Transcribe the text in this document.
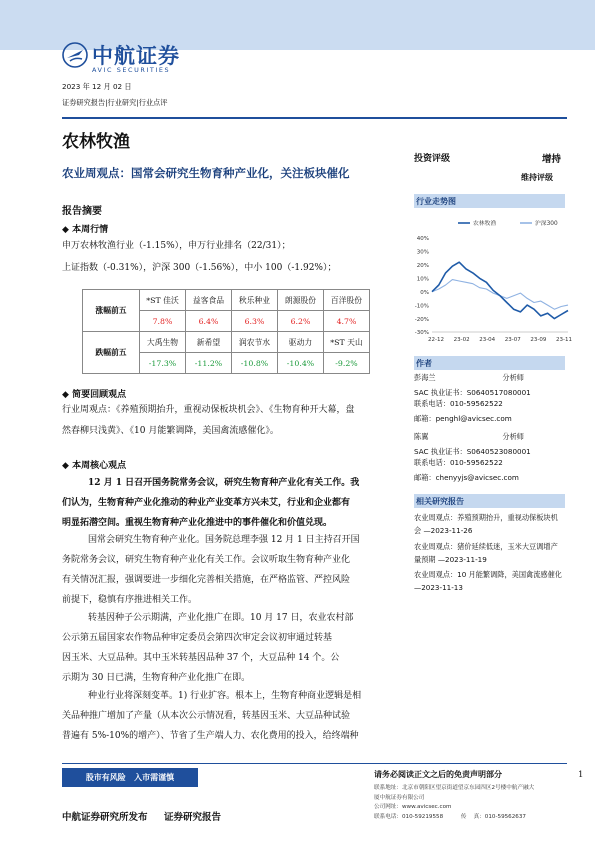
中航证券
AVIC SECURITIES
2023 年 12 月 02 日
证券研究报告|行业研究|行业点评
农林牧渔
农业周观点：国常会研究生物育种产业化，关注板块催化
报告摘要
投资评级	增持
维持评级
◆ 本周行情
申万农林牧渔行业（-1.15%），申万行业排名（22/31）；
上证指数（-0.31%），沪深 300（-1.56%），中小 100（-1.92%）；
涨幅前五	*ST 佳沃	益客食品	秋乐种业	朗源股份	百洋股份
	7.8%	6.4%	6.3%	6.2%	4.7%
跌幅前五	大禹生物	新希望	润农节水	驱动力	*ST 天山
	-17.3%	-11.2%	-10.8%	-10.4%	-9.2%
◆ 简要回顾观点
行业周观点：《养殖预期抬升，重视动保板块机会》、《生物育种开大幕，盘
然春柳只浅黄》、《10 月能繁调降，美国禽流感催化》。
◆ 本周核心观点
12 月 1 日召开国务院常务会议，研究生物育种产业化有关工作。我
们认为，生物育种产业化推动的种业产业变革方兴未艾，行业和企业都有
明显拓潜空间。重视生物育种产业化推进中的事件催化和价值兑现。
国常会研究生物育种产业化。国务院总理李强 12 月 1 日主持召开国
务院常务会议，研究生物育种产业化有关工作。会议听取生物育种产业化
有关情况汇报，强调要进一步细化完善相关措施，在严格监管、严控风险
前提下，稳慎有序推进相关工作。
转基因种子公示期满，产业化推广在即。10 月 17 日，农业农村部
公示第五届国家农作物品种审定委员会第四次审定会议初审通过转基
因玉米、大豆品种。其中玉米转基因品种 37 个，大豆品种 14 个。公
示期为 30 日已满，生物育种产业化推广在即。
种业行业将深刻变革。1) 行业扩容。根本上，生物育种商业逻辑是相
关品种推广增加了产量（从本次公示情况看，转基因玉米、大豆品种试验
普遍有 5%-10%的增产）、节省了生产端人力、农化费用的投入，给终端种
行业走势图
40%
30%
20%
10%
0%
-10%
-20%
-30%
22-12 23-02 23-04 23-07 23-09 23-11
农林牧渔	沪深300
作者
彭海兰	分析师
SAC 执业证书：S0640517080001
联系电话：010-59562522
邮箱：penghl@avicsec.com
陈翼	分析师
SAC 执业证书：S0640523080001
联系电话：010-59562522
邮箱：chenyyjs@avicsec.com
相关研究报告
农业周观点：养殖预期抬升，重视动保板块机
会 —2023-11-26
农业周观点：猪价延续低迷，玉米大豆调增产
量预期 —2023-11-19
农业周观点：10 月能繁调降，美国禽流感催化
—2023-11-13
股市有风险   入市需谨慎	请务必阅读正文之后的免责声明部分	1
联系地址：北京市朝阳区望京街道望京东园四区2号楼中航产融大
厦中航证券有限公司
公司网址：www.avicsec.com
联系电话：010-59219558          传    真：010-59562637
中航证券研究所发布     证券研究报告
